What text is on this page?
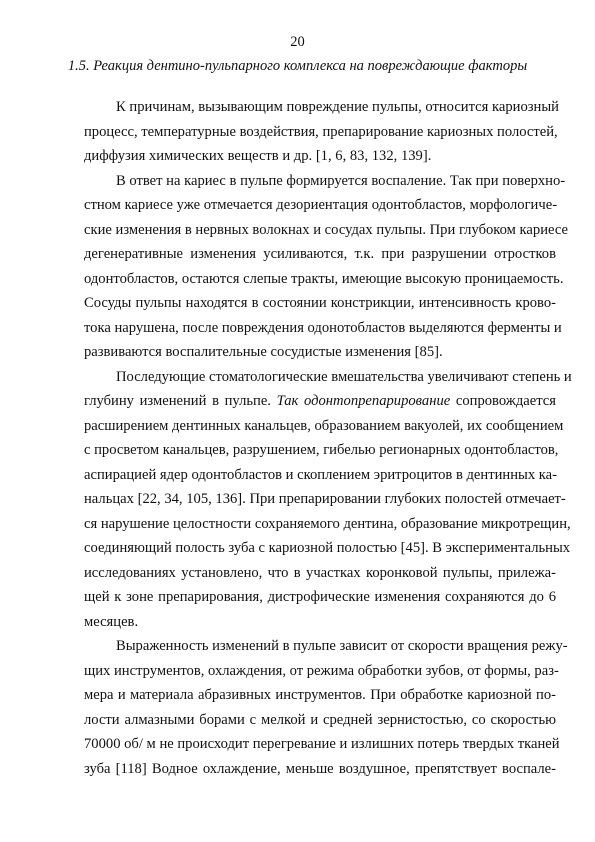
20
1.5. Реакция дентино-пульпарного комплекса на повреждающие факторы
К причинам, вызывающим повреждение пульпы, относится кариозный
процесс, температурные воздействия, препарирование кариозных полостей,
диффузия химических веществ и др. [1, 6, 83, 132, 139].
В ответ на кариес в пульпе формируется воспаление. Так при поверхно-
стном кариесе уже отмечается дезориентация одонтобластов, морфологиче-
ские изменения в нервных волокнах и сосудах пульпы. При глубоком кариесе
дегенеративные изменения усиливаются, т.к. при разрушении отростков
одонтобластов, остаются слепые тракты, имеющие высокую проницаемость.
Сосуды пульпы находятся в состоянии констрикции, интенсивность крово-
тока нарушена, после повреждения одонотобластов выделяются ферменты и
развиваются воспалительные сосудистые изменения [85].
Последующие стоматологические вмешательства увеличивают степень и
глубину изменений в пульпе. Так одонтопрепарирование сопровождается
расширением дентинных канальцев, образованием вакуолей, их сообщением
с просветом канальцев, разрушением, гибелью регионарных одонтобластов,
аспирацией ядер одонтобластов и скоплением эритроцитов в дентинных ка-
нальцах [22, 34, 105, 136]. При препарировании глубоких полостей отмечает-
ся нарушение целостности сохраняемого дентина, образование микротрещин,
соединяющий полость зуба с кариозной полостью [45]. В экспериментальных
исследованиях установлено, что в участках коронковой пульпы, прилежа-
щей к зоне препарирования, дистрофические изменения сохраняются до 6
месяцев.
Выраженность изменений в пульпе зависит от скорости вращения режу-
щих инструментов, охлаждения, от режима обработки зубов, от формы, раз-
мера и материала абразивных инструментов. При обработке кариозной по-
лости алмазными борами с мелкой и средней зернистостью, со скоростью
70000 об/ м не происходит перегревание и излишних потерь твердых тканей
зуба [118] Водное охлаждение, меньше воздушное, препятствует воспале-
